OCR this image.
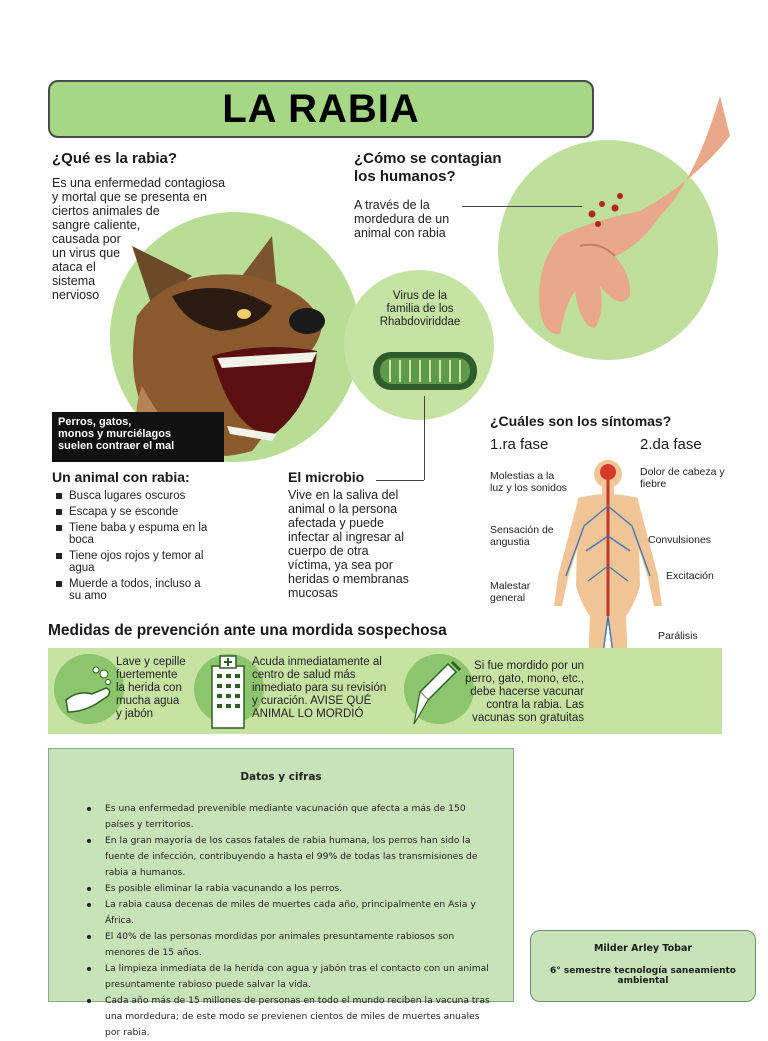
LA RABIA
¿Qué es la rabia?
Es una enfermedad contagiosa
y mortal que se presenta en
ciertos animales de
sangre caliente,
causada por
un virus que
ataca el
sistema
nervioso
Perros, gatos,
monos y murciélagos
suelen contraer el mal
¿Cómo se contagian
los humanos?
A través de la
mordedura de un
animal con rabia
Virus de la
familia de los
Rhabdoviriddae
Un animal con rabia:
Busca lugares oscuros
Escapa y se esconde
Tiene baba y espuma en la boca
Tiene ojos rojos y temor al agua
Muerde a todos, incluso a su amo
El microbio
Vive en la saliva del
animal o la persona
afectada y puede
infectar al ingresar al
cuerpo de otra
víctima, ya sea por
heridas o membranas
mucosas
¿Cuáles son los síntomas?
1.ra fase	2.da fase
Molestias a la luz y los sonidos
Sensación de angustia
Malestar general
Dolor de cabeza y fiebre
Convulsiones
Excitación
Parálisis
Medidas de prevención ante una mordida sospechosa
Lave y cepille
fuertemente
la herida con
mucha agua
y jabón
Acuda inmediatamente al
centro de salud más
inmediato para su revisión
y curación. AVISE QUÉ
ANIMAL LO MORDIÓ
Si fue mordido por un
perro, gato, mono, etc.,
debe hacerse vacunar
contra la rabia. Las
vacunas son gratuitas
Datos y cifras
Es una enfermedad prevenible mediante vacunación que afecta a más de 150 países y territorios.
En la gran mayoría de los casos fatales de rabia humana, los perros han sido la fuente de infección, contribuyendo a hasta el 99% de todas las transmisiones de rabia a humanos.
Es posible eliminar la rabia vacunando a los perros.
La rabia causa decenas de miles de muertes cada año, principalmente en Asia y África.
El 40% de las personas mordidas por animales presuntamente rabiosos son menores de 15 años.
La limpieza inmediata de la herida con agua y jabón tras el contacto con un animal presuntamente rabioso puede salvar la vida.
Cada año más de 15 millones de personas en todo el mundo reciben la vacuna tras una mordedura; de este modo se previenen cientos de miles de muertes anuales por rabia.
Milder Arley Tobar
6° semestre tecnología saneamiento ambiental
